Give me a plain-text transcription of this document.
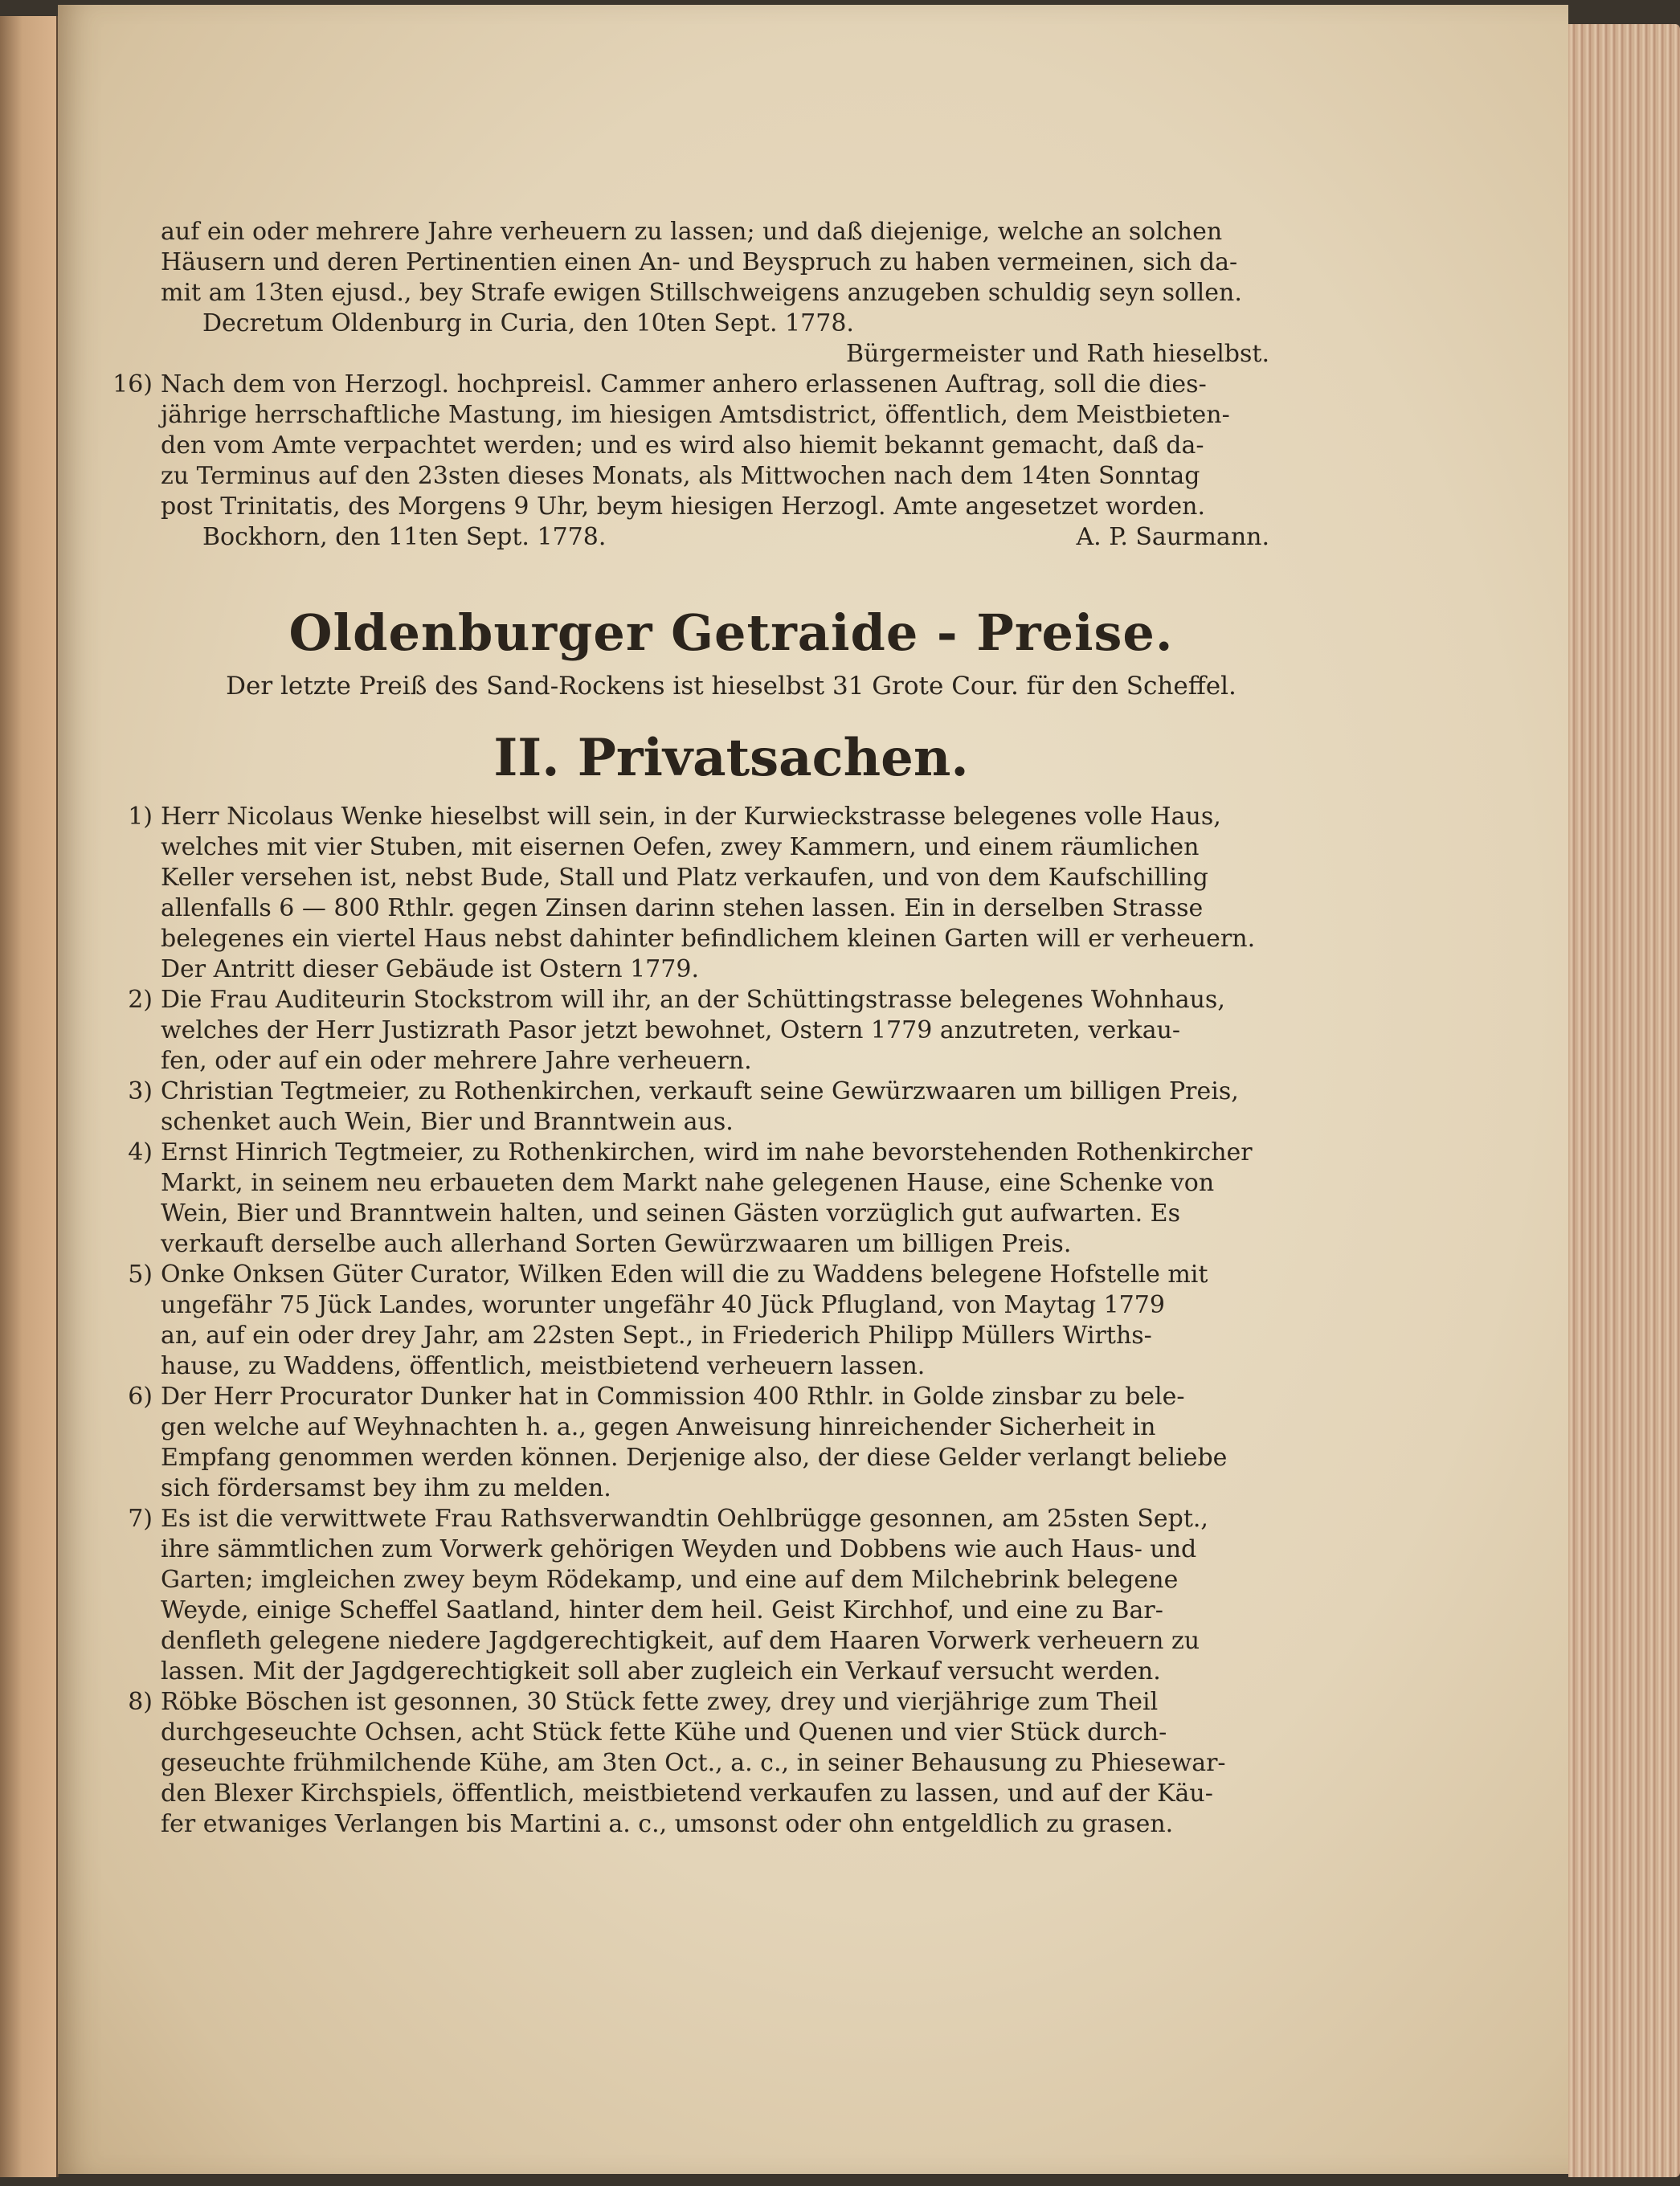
auf ein oder mehrere Jahre verheuern zu lassen; und daß diejenige, welche an solchen
Häusern und deren Pertinentien einen An- und Beyspruch zu haben vermeinen, sich da-
mit am 13ten ejusd., bey Strafe ewigen Stillschweigens anzugeben schuldig seyn sollen.
Decretum Oldenburg in Curia, den 10ten Sept. 1778.
Bürgermeister und Rath hieselbst.
16) Nach dem von Herzogl. hochpreisl. Cammer anhero erlassenen Auftrag, soll die dies-
jährige herrschaftliche Mastung, im hiesigen Amtsdistrict, öffentlich, dem Meistbieten-
den vom Amte verpachtet werden; und es wird also hiemit bekannt gemacht, daß da-
zu Terminus auf den 23sten dieses Monats, als Mittwochen nach dem 14ten Sonntag
post Trinitatis, des Morgens 9 Uhr, beym hiesigen Herzogl. Amte angesetzet worden.
Bockhorn, den 11ten Sept. 1778.	A. P. Saurmann.
Oldenburger Getraide - Preise.
Der letzte Preiß des Sand-Rockens ist hieselbst 31 Grote Cour. für den Scheffel.
II. Privatsachen.
1) Herr Nicolaus Wenke hieselbst will sein, in der Kurwieckstrasse belegenes volle Haus,
welches mit vier Stuben, mit eisernen Oefen, zwey Kammern, und einem räumlichen
Keller versehen ist, nebst Bude, Stall und Platz verkaufen, und von dem Kaufschilling
allenfalls 6 — 800 Rthlr. gegen Zinsen darinn stehen lassen. Ein in derselben Strasse
belegenes ein viertel Haus nebst dahinter befindlichem kleinen Garten will er verheuern.
Der Antritt dieser Gebäude ist Ostern 1779.
2) Die Frau Auditeurin Stockstrom will ihr, an der Schüttingstrasse belegenes Wohnhaus,
welches der Herr Justizrath Pasor jetzt bewohnet, Ostern 1779 anzutreten, verkau-
fen, oder auf ein oder mehrere Jahre verheuern.
3) Christian Tegtmeier, zu Rothenkirchen, verkauft seine Gewürzwaaren um billigen Preis,
schenket auch Wein, Bier und Branntwein aus.
4) Ernst Hinrich Tegtmeier, zu Rothenkirchen, wird im nahe bevorstehenden Rothenkircher
Markt, in seinem neu erbaueten dem Markt nahe gelegenen Hause, eine Schenke von
Wein, Bier und Branntwein halten, und seinen Gästen vorzüglich gut aufwarten. Es
verkauft derselbe auch allerhand Sorten Gewürzwaaren um billigen Preis.
5) Onke Onksen Güter Curator, Wilken Eden will die zu Waddens belegene Hofstelle mit
ungefähr 75 Jück Landes, worunter ungefähr 40 Jück Pflugland, von Maytag 1779
an, auf ein oder drey Jahr, am 22sten Sept., in Friederich Philipp Müllers Wirths-
hause, zu Waddens, öffentlich, meistbietend verheuern lassen.
6) Der Herr Procurator Dunker hat in Commission 400 Rthlr. in Golde zinsbar zu bele-
gen welche auf Weyhnachten h. a., gegen Anweisung hinreichender Sicherheit in
Empfang genommen werden können. Derjenige also, der diese Gelder verlangt beliebe
sich fördersamst bey ihm zu melden.
7) Es ist die verwittwete Frau Rathsverwandtin Oehlbrügge gesonnen, am 25sten Sept.,
ihre sämmtlichen zum Vorwerk gehörigen Weyden und Dobbens wie auch Haus- und
Garten; imgleichen zwey beym Rödekamp, und eine auf dem Milchebrink belegene
Weyde, einige Scheffel Saatland, hinter dem heil. Geist Kirchhof, und eine zu Bar-
denfleth gelegene niedere Jagdgerechtigkeit, auf dem Haaren Vorwerk verheuern zu
lassen. Mit der Jagdgerechtigkeit soll aber zugleich ein Verkauf versucht werden.
8) Röbke Böschen ist gesonnen, 30 Stück fette zwey, drey und vierjährige zum Theil
durchgeseuchte Ochsen, acht Stück fette Kühe und Quenen und vier Stück durch-
geseuchte frühmilchende Kühe, am 3ten Oct., a. c., in seiner Behausung zu Phiesewar-
den Blexer Kirchspiels, öffentlich, meistbietend verkaufen zu lassen, und auf der Käu-
fer etwaniges Verlangen bis Martini a. c., umsonst oder ohn entgeldlich zu grasen.
